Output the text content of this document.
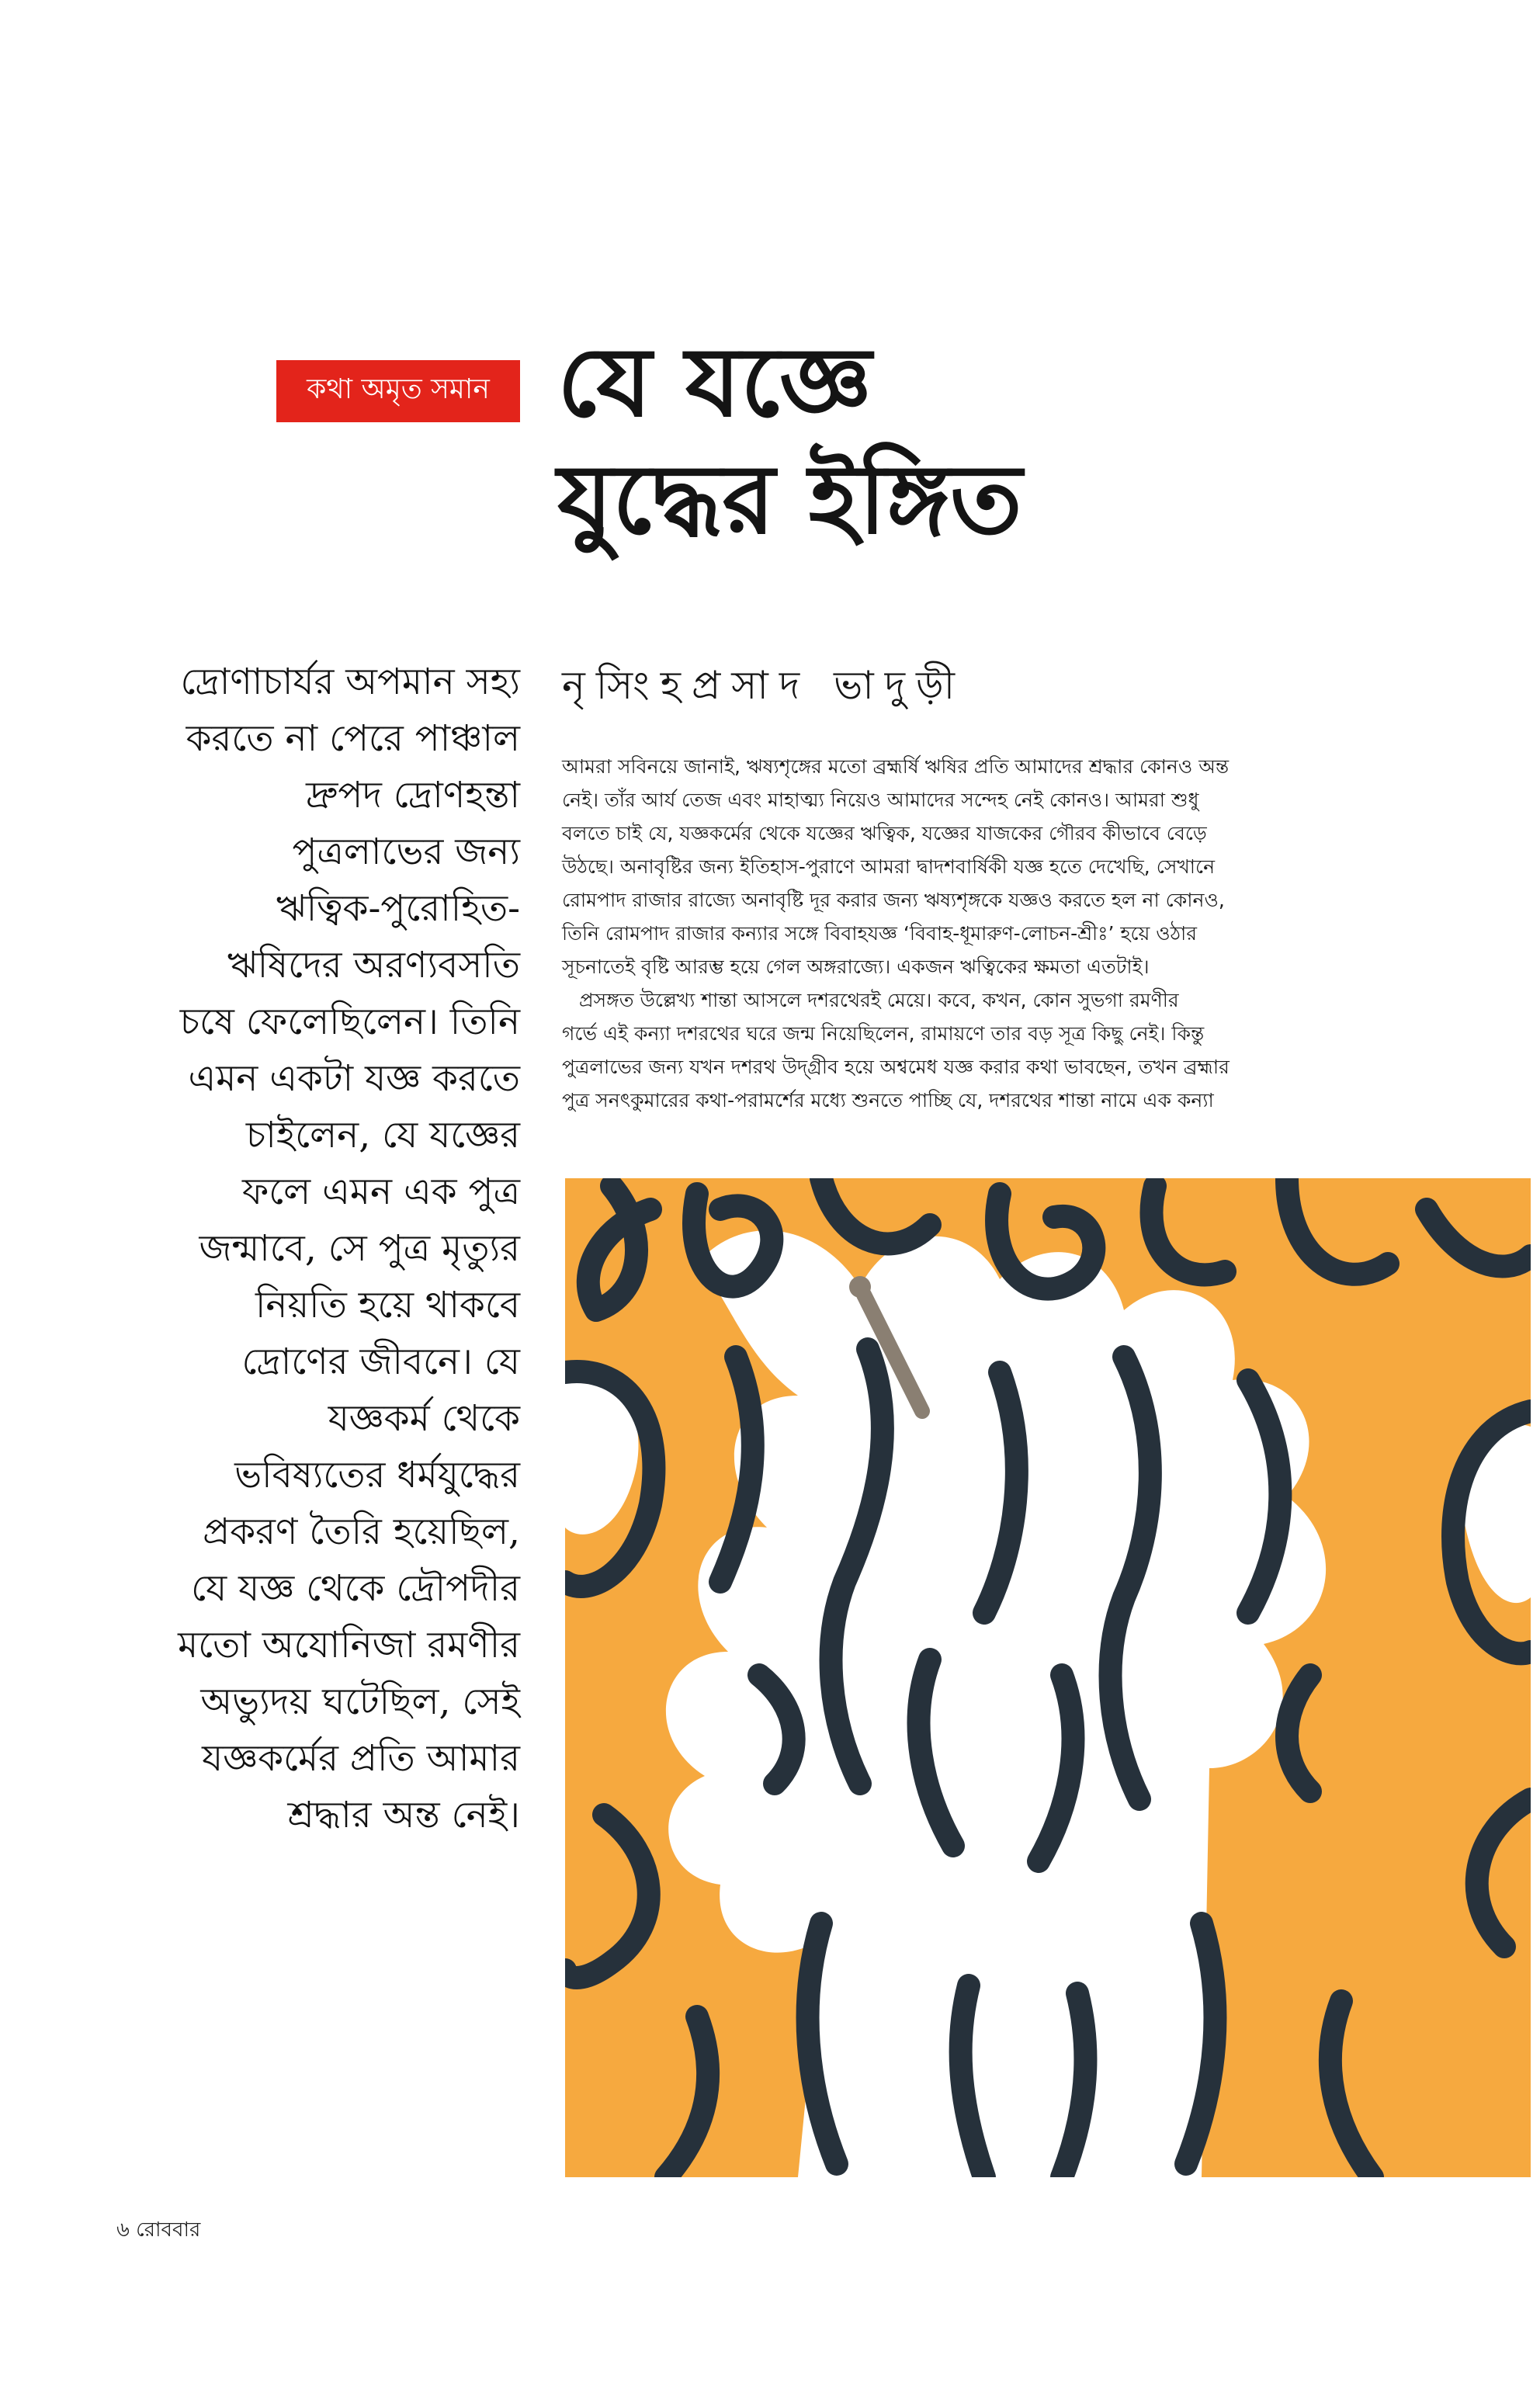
কথা অমৃত সমান যে যজ্ঞে
যুদ্ধের ইঙ্গিত
দ্রোণাচার্যর অপমান সহ্য
করতে না পেরে পাঞ্চাল
দ্রুপদ দ্রোণহন্তা
পুত্রলাভের জন্য
ঋত্বিক-পুরোহিত-
ঋষিদের অরণ্যবসতি
চষে ফেলেছিলেন। তিনি
এমন একটা যজ্ঞ করতে
চাইলেন, যে যজ্ঞের
ফলে এমন এক পুত্র
জন্মাবে, সে পুত্র মৃত্যুর
নিয়তি হয়ে থাকবে
দ্রোণের জীবনে। যে
যজ্ঞকর্ম থেকে
ভবিষ্যতের ধর্মযুদ্ধের
প্রকরণ তৈরি হয়েছিল,
যে যজ্ঞ থেকে দ্রৌপদীর
মতো অযোনিজা রমণীর
অভ্যুদয় ঘটেছিল, সেই
যজ্ঞকর্মের প্রতি আমার
শ্রদ্ধার অন্ত নেই।
নৃসিংহপ্রসাদ ভাদুড়ী
আমরা সবিনয়ে জানাই, ঋষ্যশৃঙ্গের মতো ব্রহ্মর্ষি ঋষির প্রতি আমাদের শ্রদ্ধার কোনও অন্ত
নেই। তাঁর আর্য তেজ এবং মাহাত্ম্য নিয়েও আমাদের সন্দেহ নেই কোনও। আমরা শুধু
বলতে চাই যে, যজ্ঞকর্মের থেকে যজ্ঞের ঋত্বিক, যজ্ঞের যাজকের গৌরব কীভাবে বেড়ে
উঠছে। অনাবৃষ্টির জন্য ইতিহাস-পুরাণে আমরা দ্বাদশবার্ষিকী যজ্ঞ হতে দেখেছি, সেখানে
রোমপাদ রাজার রাজ্যে অনাবৃষ্টি দূর করার জন্য ঋষ্যশৃঙ্গকে যজ্ঞও করতে হল না কোনও,
তিনি রোমপাদ রাজার কন্যার সঙ্গে বিবাহযজ্ঞ ‘বিবাহ-ধূমারুণ-লোচন-শ্রীঃ’ হয়ে ওঠার
সূচনাতেই বৃষ্টি আরম্ভ হয়ে গেল অঙ্গরাজ্যে। একজন ঋত্বিকের ক্ষমতা এতটাই।
প্রসঙ্গত উল্লেখ্য শান্তা আসলে দশরথেরই মেয়ে। কবে, কখন, কোন সুভগা রমণীর
গর্ভে এই কন্যা দশরথের ঘরে জন্ম নিয়েছিলেন, রামায়ণে তার বড় সূত্র কিছু নেই। কিন্তু
পুত্রলাভের জন্য যখন দশরথ উদ্‌গ্রীব হয়ে অশ্বমেধ যজ্ঞ করার কথা ভাবছেন, তখন ব্রহ্মার
পুত্র সনৎকুমারের কথা-পরামর্শের মধ্যে শুনতে পাচ্ছি যে, দশরথের শান্তা নামে এক কন্যা
৬ রোববার
